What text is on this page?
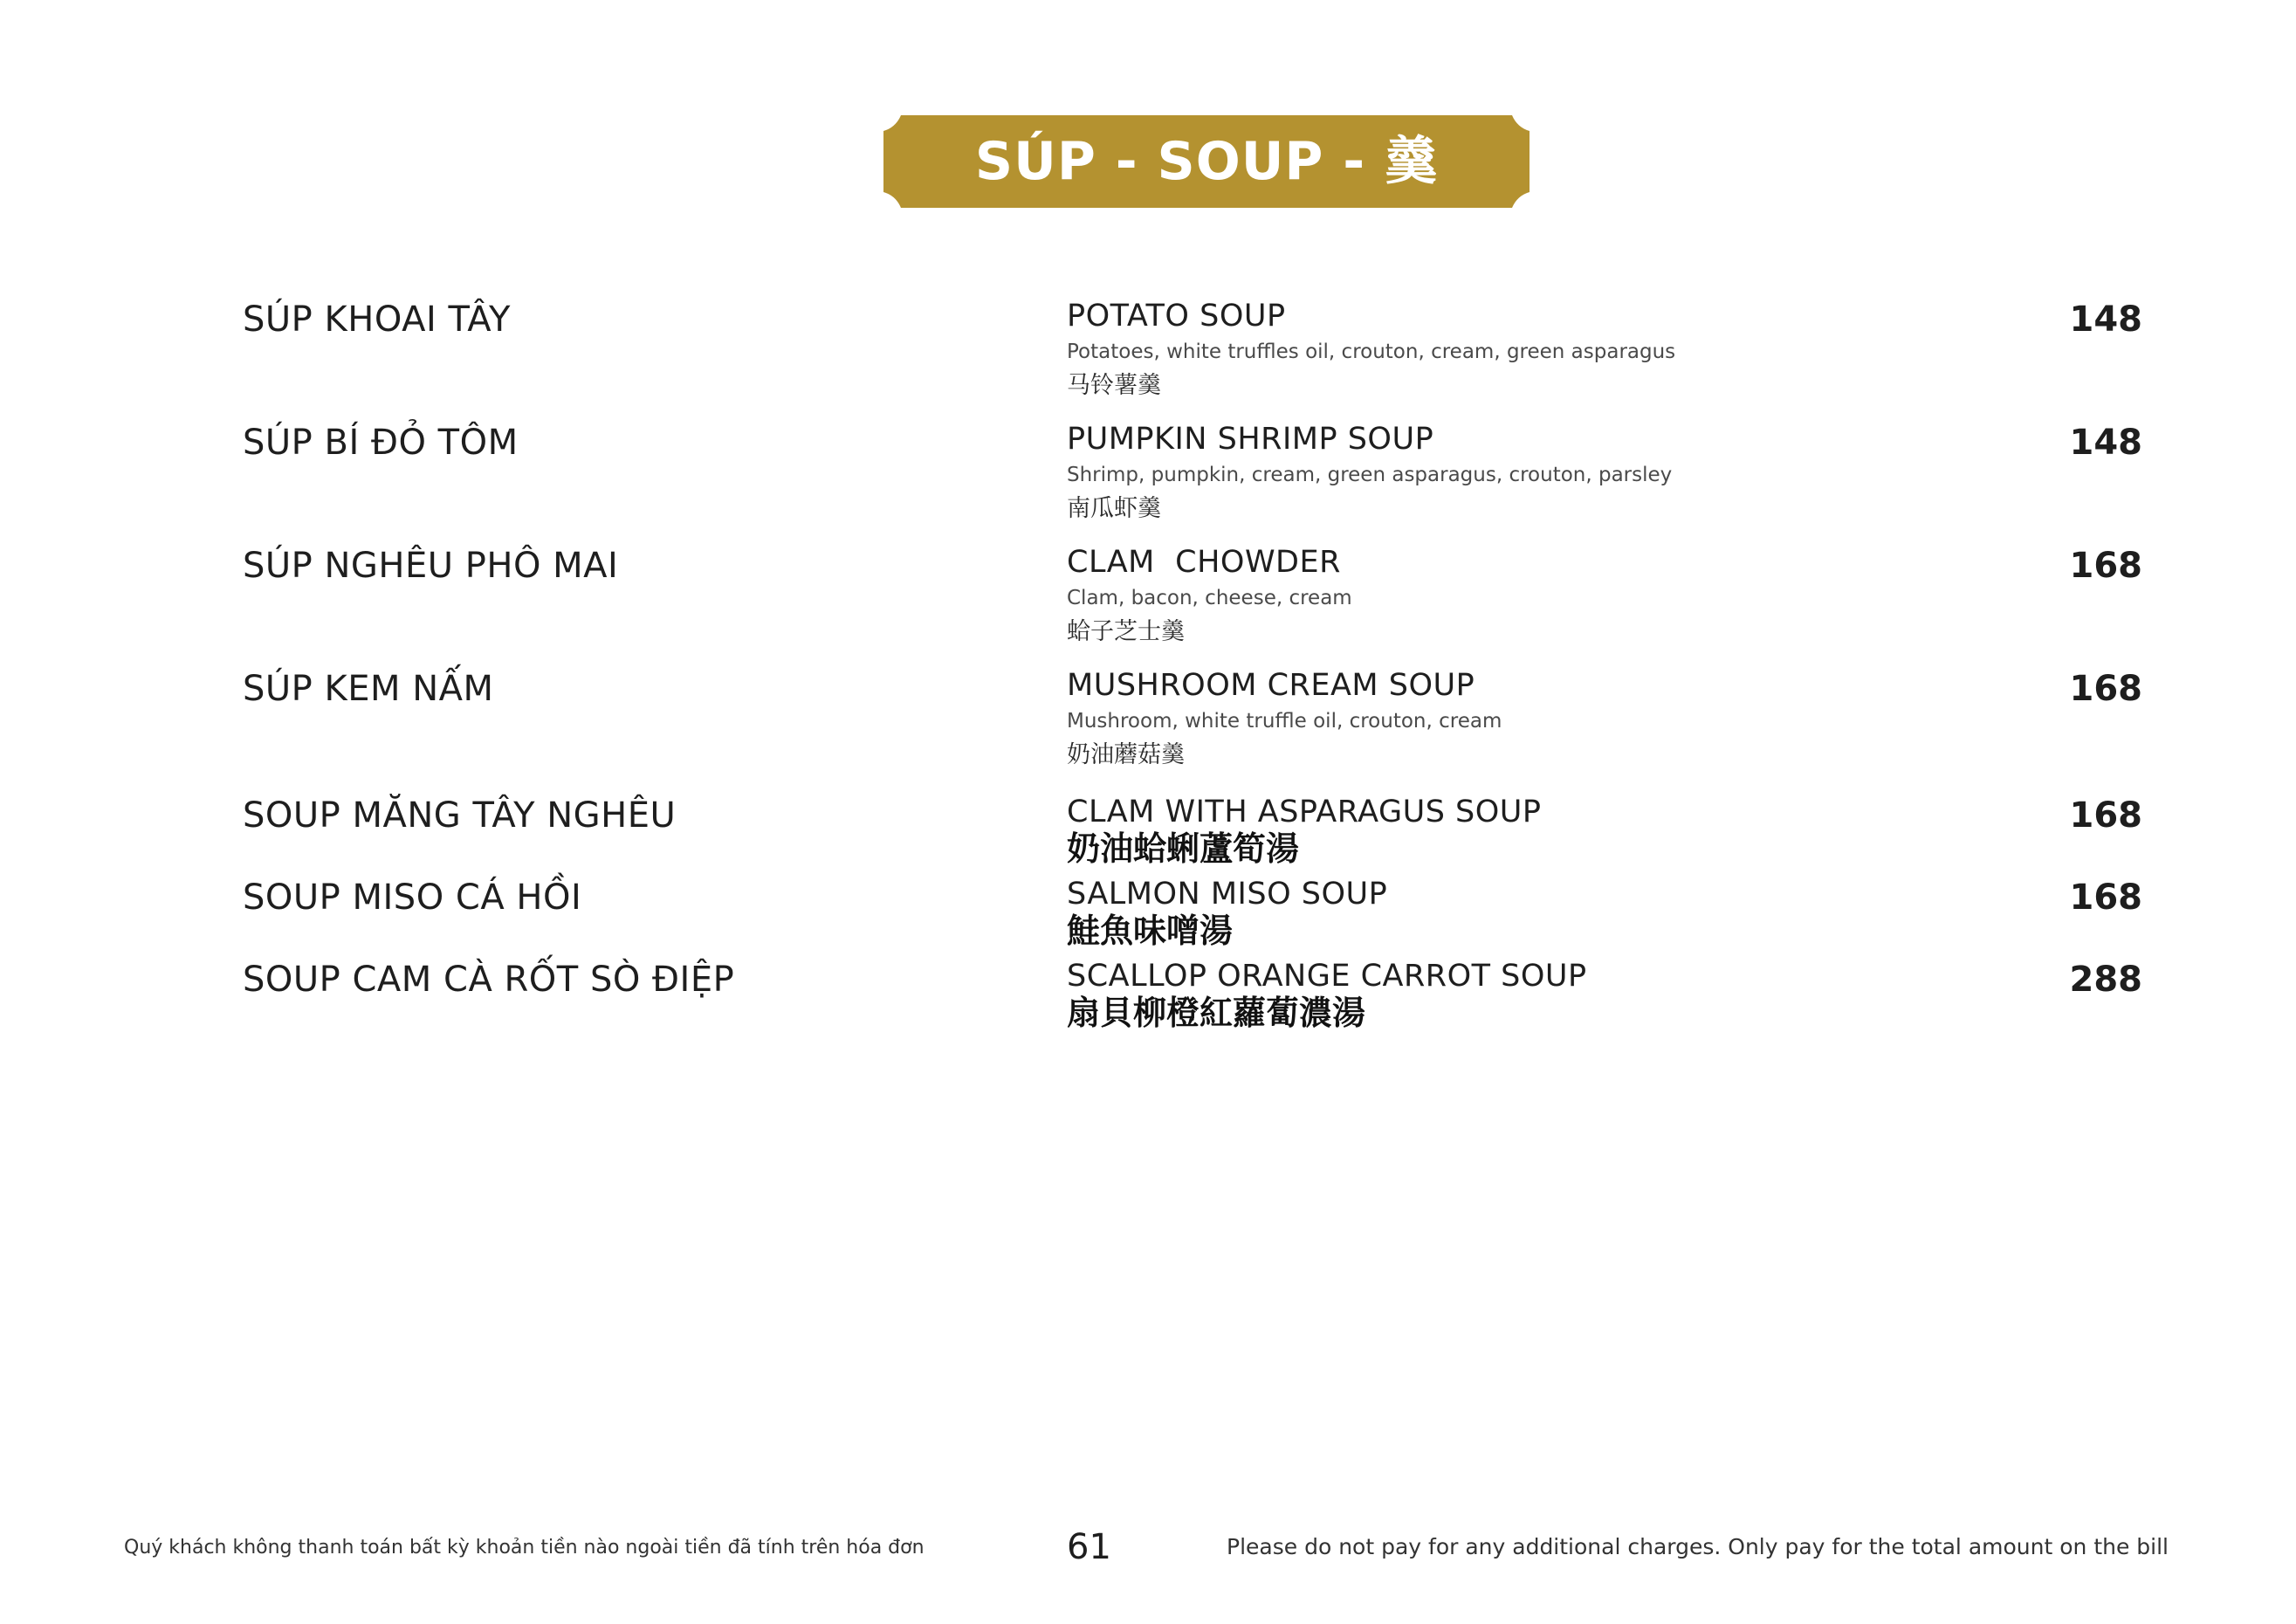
SÚP - SOUP - 羹
SÚP KHOAI TÂY	POTATO SOUP
Potatoes, white truffles oil, crouton, cream, green asparagus
马铃薯羹
148
SÚP BÍ ĐỎ TÔM	PUMPKIN SHRIMP SOUP
Shrimp, pumpkin, cream, green asparagus, crouton, parsley
南瓜虾羹
148
SÚP NGHÊU PHÔ MAI	CLAM  CHOWDER
Clam, bacon, cheese, cream
蛤子芝士羹
168
SÚP KEM NẤM	MUSHROOM CREAM SOUP
Mushroom, white truffle oil, crouton, cream
奶油蘑菇羹
168
SOUP MĂNG TÂY NGHÊU	CLAM WITH ASPARAGUS SOUP
奶油蛤蜊蘆筍湯
168
SOUP MISO CÁ HỒI	SALMON MISO SOUP
鮭魚味噌湯
168
SOUP CAM CÀ RỐT SÒ ĐIỆP	SCALLOP ORANGE CARROT SOUP
扇貝柳橙紅蘿蔔濃湯
288
Quý khách không thanh toán bất kỳ khoản tiền nào ngoài tiền đã tính trên hóa đơn	61	Please do not pay for any additional charges. Only pay for the total amount on the bill
